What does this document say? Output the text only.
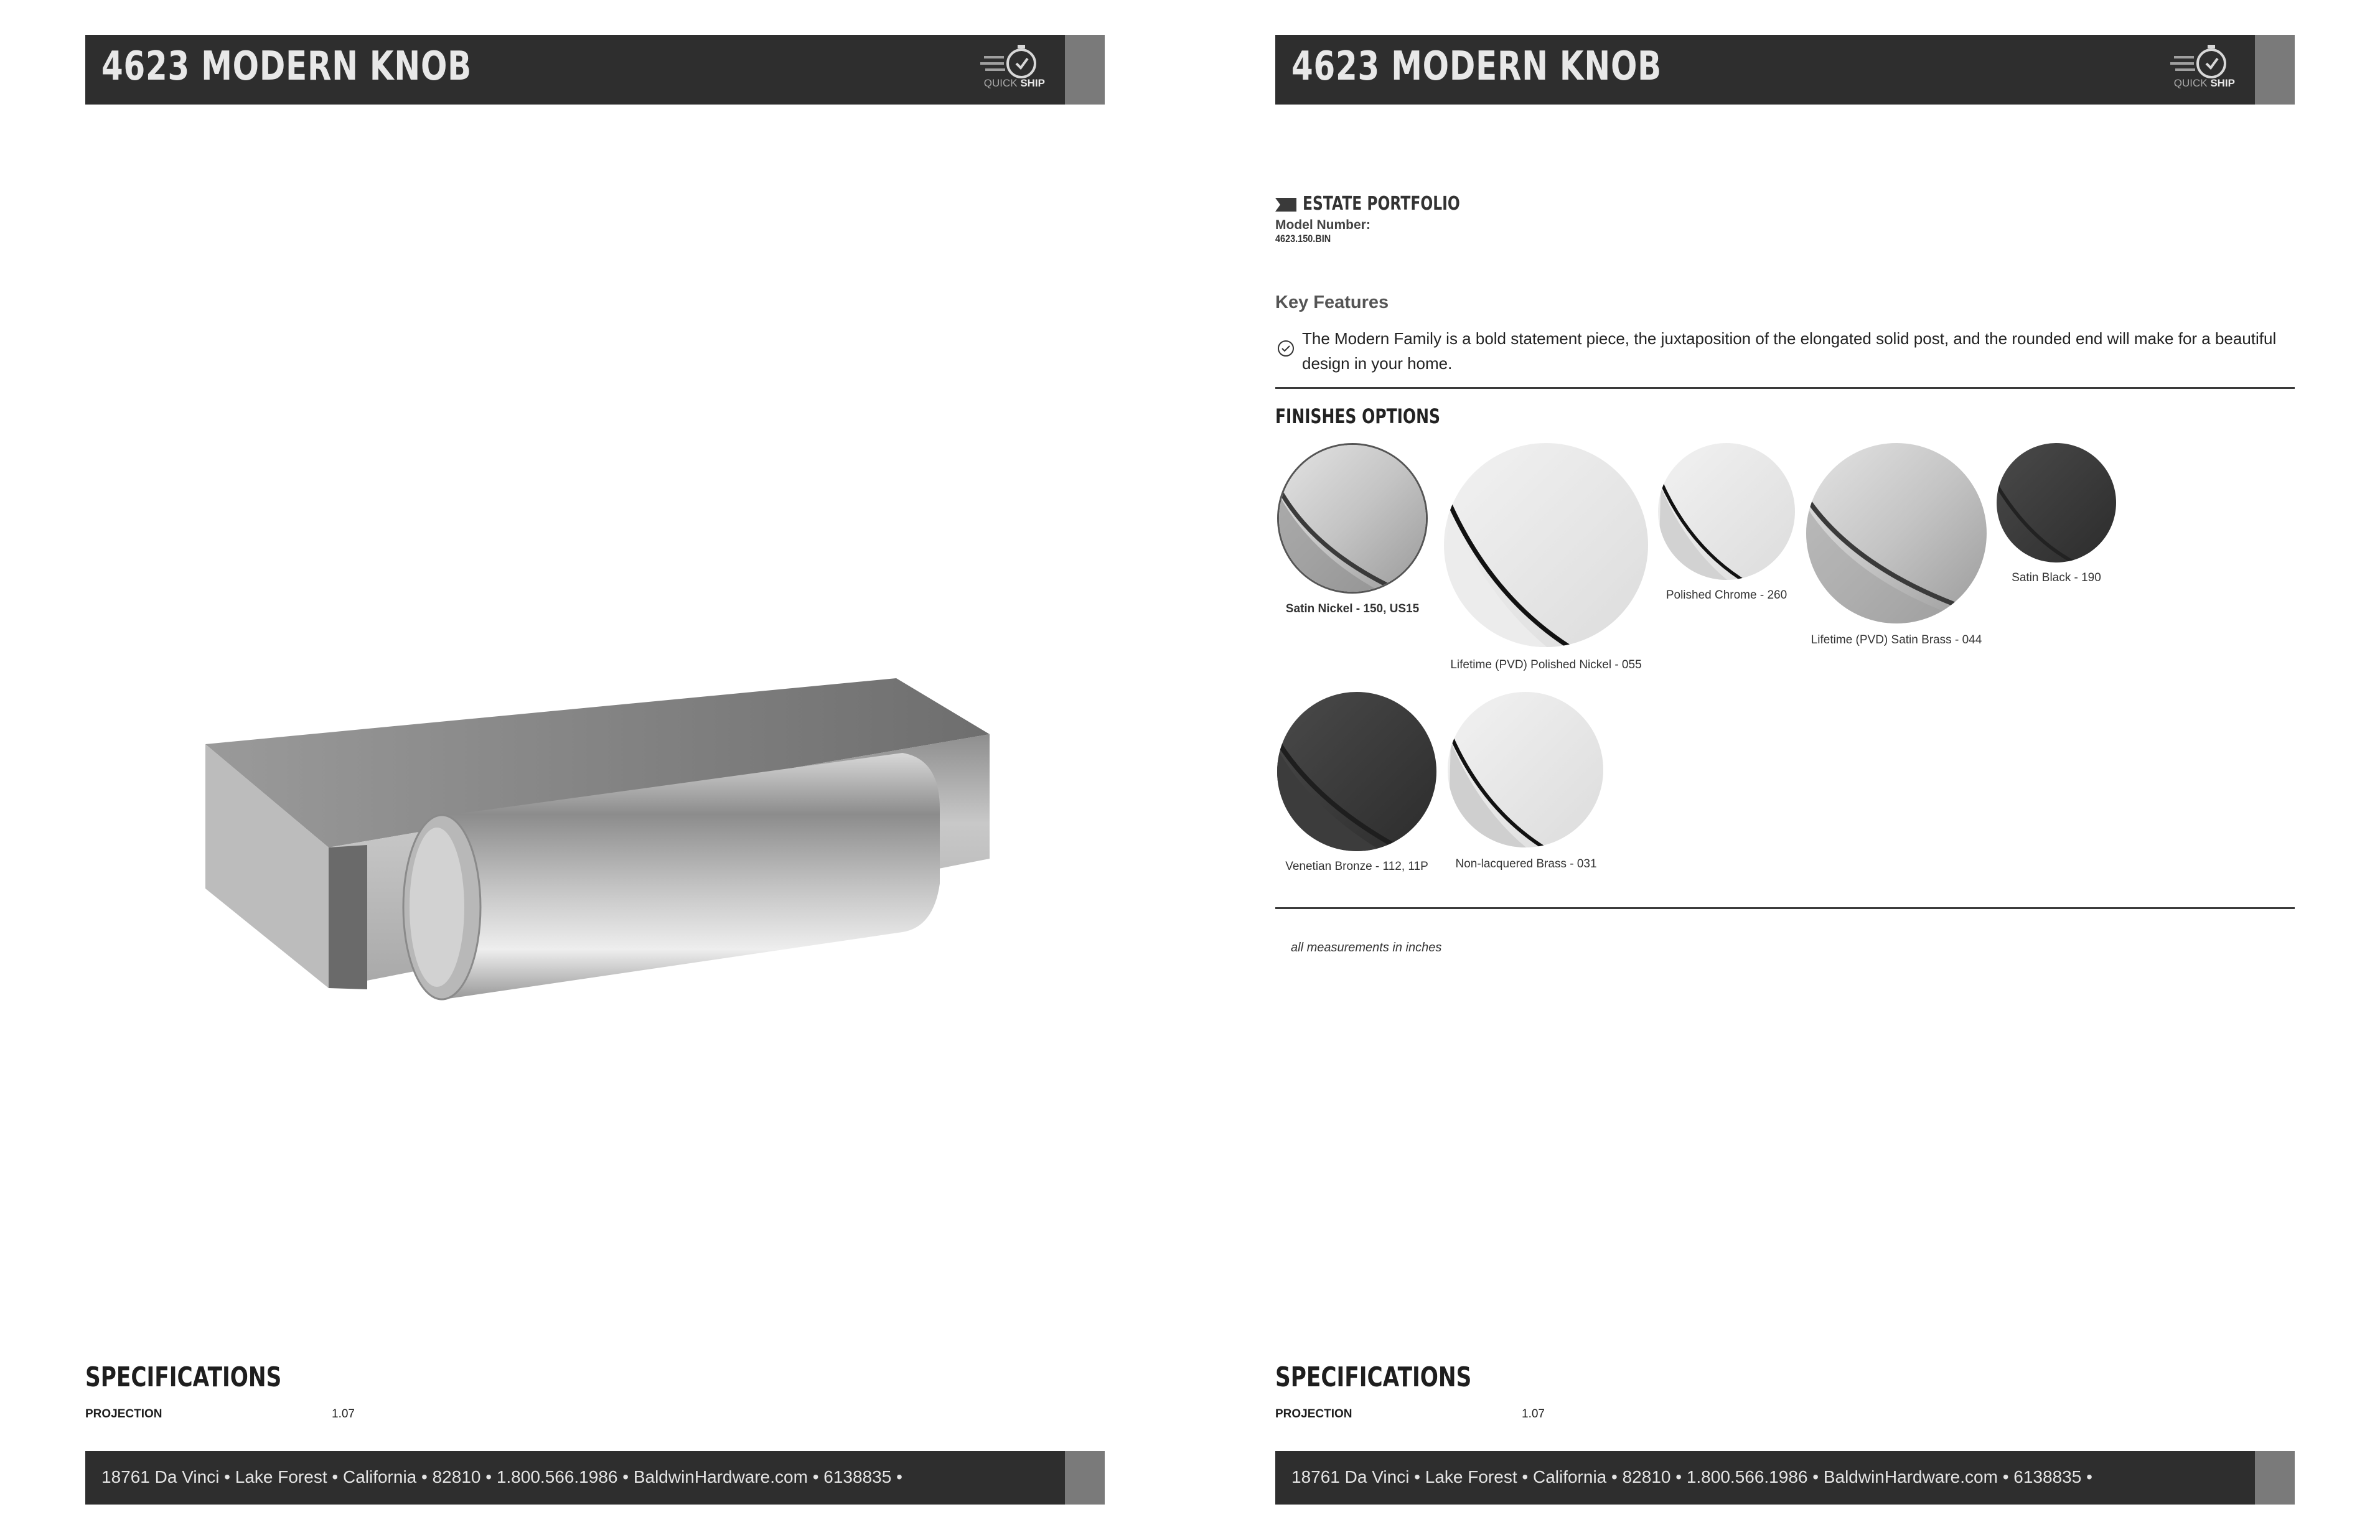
4623 MODERN KNOB	QUICK SHIP
SPECIFICATIONS
PROJECTION	1.07
18761 Da Vinci • Lake Forest • California • 82810 • 1.800.566.1986 • BaldwinHardware.com • 6138835 •
4623 MODERN KNOB	QUICK SHIP
ESTATE PORTFOLIO
Model Number:
4623.150.BIN
Key Features
The Modern Family is a bold statement piece, the juxtaposition of the elongated solid post, and the rounded end will make for a beautiful design in your home.
FINISHES OPTIONS
Satin Nickel - 150, US15
Lifetime (PVD) Polished Nickel - 055
Polished Chrome - 260
Lifetime (PVD) Satin Brass - 044
Satin Black - 190
Venetian Bronze - 112, 11P Non-lacquered Brass - 031
all measurements in inches
SPECIFICATIONS
PROJECTION	1.07
18761 Da Vinci • Lake Forest • California • 82810 • 1.800.566.1986 • BaldwinHardware.com • 6138835 •
